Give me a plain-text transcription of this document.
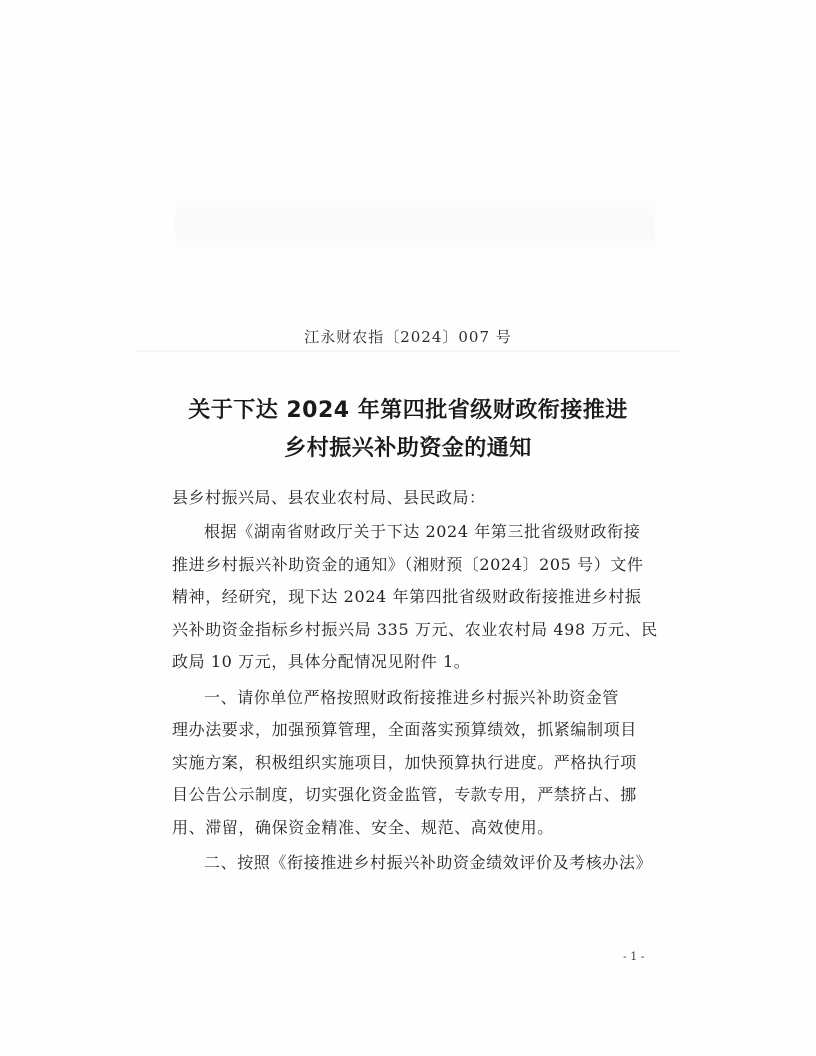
江永财农指〔2024〕007 号
关于下达 2024 年第四批省级财政衔接推进
乡村振兴补助资金的通知
县乡村振兴局、县农业农村局、县民政局：
根据《湖南省财政厅关于下达 2024 年第三批省级财政衔接
推进乡村振兴补助资金的通知》（湘财预〔2024〕205 号）文件
精神，经研究，现下达 2024 年第四批省级财政衔接推进乡村振
兴补助资金指标乡村振兴局 335 万元、农业农村局 498 万元、民
政局 10 万元，具体分配情况见附件 1。
一、请你单位严格按照财政衔接推进乡村振兴补助资金管
理办法要求，加强预算管理，全面落实预算绩效，抓紧编制项目
实施方案，积极组织实施项目，加快预算执行进度。严格执行项
目公告公示制度，切实强化资金监管，专款专用，严禁挤占、挪
用、滞留，确保资金精准、安全、规范、高效使用。
二、按照《衔接推进乡村振兴补助资金绩效评价及考核办法》
- 1 -
